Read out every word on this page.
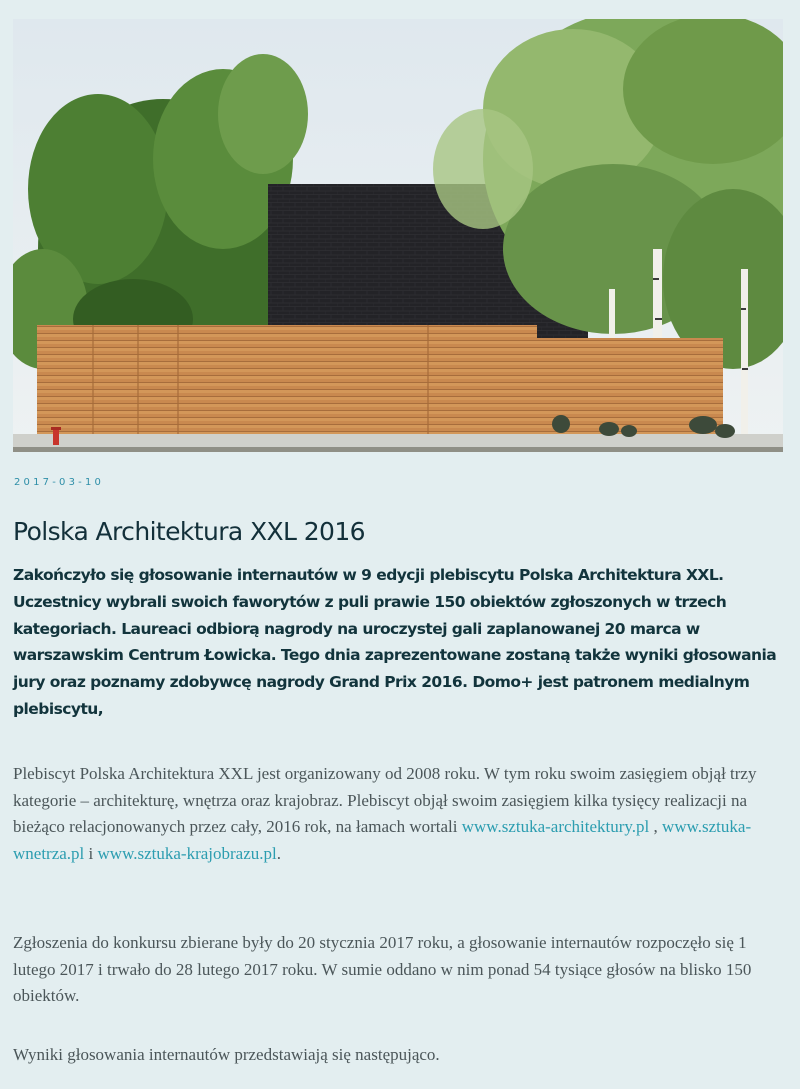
2017-03-10
Polska Architektura XXL 2016

Zakończyło się głosowanie internautów w 9 edycji plebiscytu Polska Architektura XXL. Uczestnicy wybrali swoich faworytów z puli prawie 150 obiektów zgłoszonych w trzech kategoriach. Laureaci odbiorą nagrody na uroczystej gali zaplanowanej 20 marca w warszawskim Centrum Łowicka. Tego dnia zaprezentowane zostaną także wyniki głosowania jury oraz poznamy zdobywcę nagrody Grand Prix 2016. Domo+ jest patronem medialnym plebiscytu,

Plebiscyt Polska Architektura XXL jest organizowany od 2008 roku. W tym roku swoim zasięgiem objął trzy kategorie – architekturę, wnętrza oraz krajobraz. Plebiscyt objął swoim zasięgiem kilka tysięcy realizacji na bieżąco relacjonowanych przez cały, 2016 rok, na łamach wortali www.sztuka-architektury.pl , www.sztuka-wnetrza.pl i www.sztuka-krajobrazu.pl.

Zgłoszenia do konkursu zbierane były do 20 stycznia 2017 roku, a głosowanie internautów rozpoczęło się 1 lutego 2017 i trwało do 28 lutego 2017 roku. W sumie oddano w nim ponad 54 tysiące głosów na blisko 150 obiektów.

Wyniki głosowania internautów przedstawiają się następująco.
